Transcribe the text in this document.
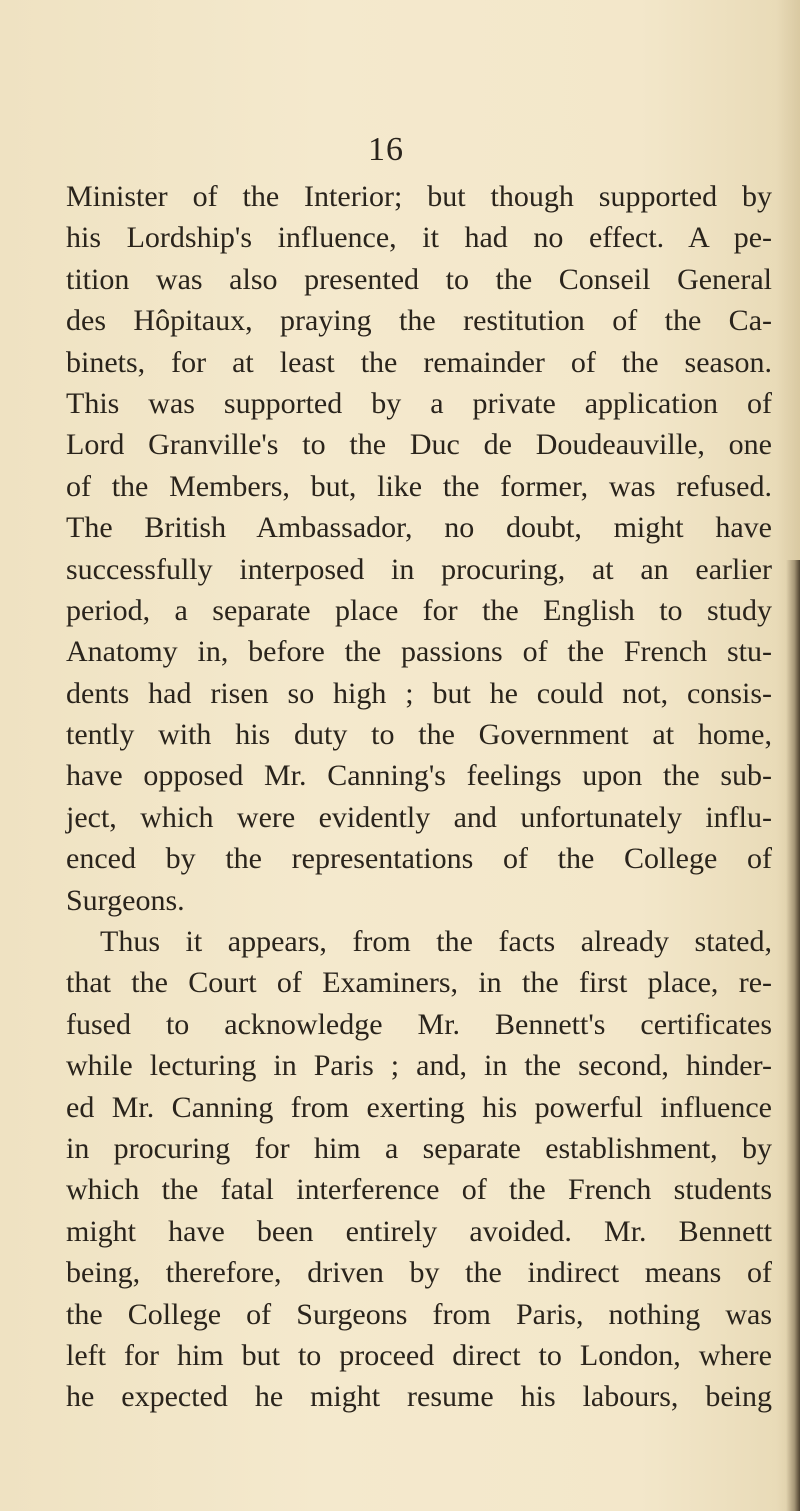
16
Minister of the Interior; but though supported by
his Lordship's influence, it had no effect. A pe-
tition was also presented to the Conseil General
des Hôpitaux, praying the restitution of the Ca-
binets, for at least the remainder of the season.
This was supported by a private application of
Lord Granville's to the Duc de Doudeauville, one
of the Members, but, like the former, was refused.
The British Ambassador, no doubt, might have
successfully interposed in procuring, at an earlier
period, a separate place for the English to study
Anatomy in, before the passions of the French stu-
dents had risen so high ; but he could not, consis-
tently with his duty to the Government at home,
have opposed Mr. Canning's feelings upon the sub-
ject, which were evidently and unfortunately influ-
enced by the representations of the College of
Surgeons.
Thus it appears, from the facts already stated,
that the Court of Examiners, in the first place, re-
fused to acknowledge Mr. Bennett's certificates
while lecturing in Paris ; and, in the second, hinder-
ed Mr. Canning from exerting his powerful influence
in procuring for him a separate establishment, by
which the fatal interference of the French students
might have been entirely avoided. Mr. Bennett
being, therefore, driven by the indirect means of
the College of Surgeons from Paris, nothing was
left for him but to proceed direct to London, where
he expected he might resume his labours, being
